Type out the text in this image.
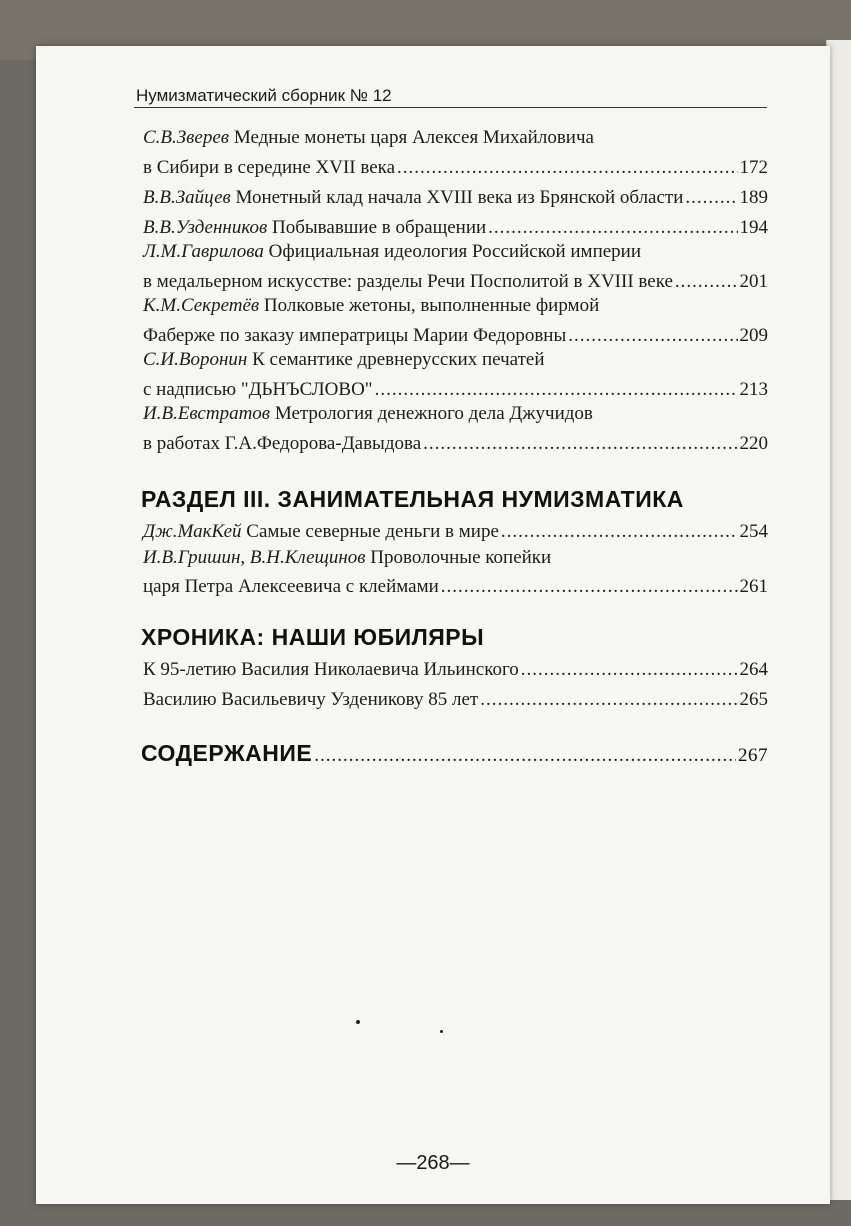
Нумизматический сборник № 12
С.В.Зверев Медные монеты царя Алексея Михайловича
в Сибири в середине XVII века .....	172
В.В.Зайцев Монетный клад начала XVIII века из Брянской области .....	189
В.В.Узденников Побывавшие в обращении .....	194
Л.М.Гаврилова Официальная идеология Российской империи
в медальерном искусстве: разделы Речи Посполитой в XVIII веке .....	201
К.М.Секретёв Полковые жетоны, выполненные фирмой
Фаберже по заказу императрицы Марии Федоровны .....	209
С.И.Воронин К семантике древнерусских печатей
с надписью "ДЬНЪСЛОВО" .....	213
И.В.Евстратов Метрология денежного дела Джучидов
в работах Г.А.Федорова-Давыдова .....	220
РАЗДЕЛ III. ЗАНИМАТЕЛЬНАЯ НУМИЗМАТИКА
Дж.МакКей Самые северные деньги в мире .....	254
И.В.Гришин, В.Н.Клещинов Проволочные копейки
царя Петра Алексеевича с клеймами .....	261
ХРОНИКА: НАШИ ЮБИЛЯРЫ
К 95-летию Василия Николаевича Ильинского .....	264
Василию Васильевичу Узденикову 85 лет .....	265
СОДЕРЖАНИЕ .....	267
—268—
